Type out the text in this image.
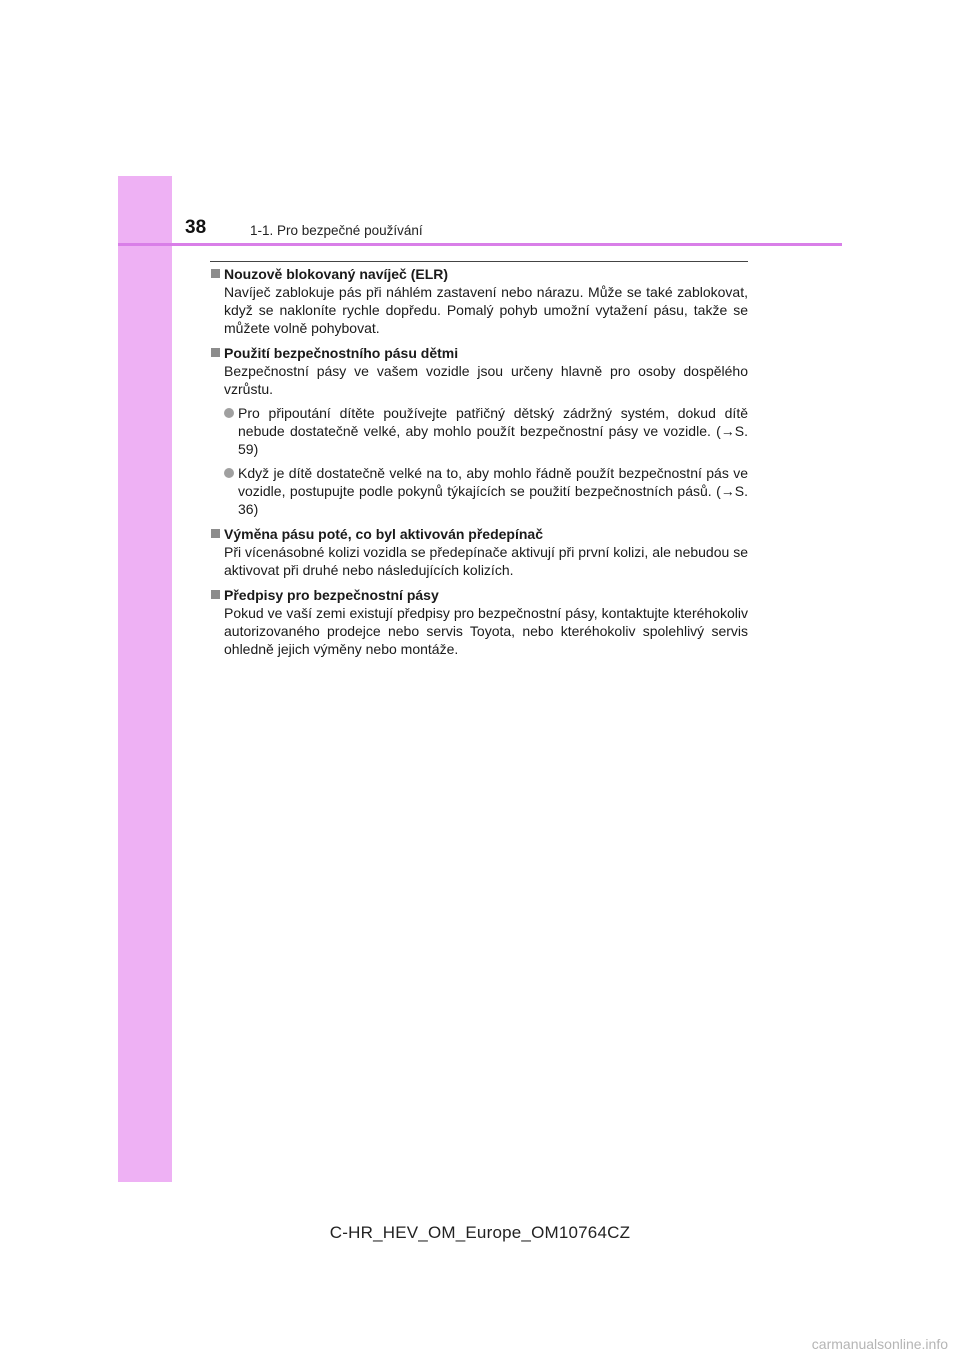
38	1-1. Pro bezpečné používání
Nouzově blokovaný navíječ (ELR)
Navíječ zablokuje pás při náhlém zastavení nebo nárazu. Může se také zablokovat, když se nakloníte rychle dopředu. Pomalý pohyb umožní vytažení pásu, takže se můžete volně pohybovat.
Použití bezpečnostního pásu dětmi
Bezpečnostní pásy ve vašem vozidle jsou určeny hlavně pro osoby dospělého vzrůstu.
Pro připoutání dítěte používejte patřičný dětský zádržný systém, dokud dítě nebude dostatečně velké, aby mohlo použít bezpečnostní pásy ve vozidle. (→S. 59)
Když je dítě dostatečně velké na to, aby mohlo řádně použít bezpečnostní pás ve vozidle, postupujte podle pokynů týkajících se použití bezpečnostních pásů. (→S. 36)
Výměna pásu poté, co byl aktivován předepínač
Při vícenásobné kolizi vozidla se předepínače aktivují při první kolizi, ale nebudou se aktivovat při druhé nebo následujících kolizích.
Předpisy pro bezpečnostní pásy
Pokud ve vaší zemi existují předpisy pro bezpečnostní pásy, kontaktujte kteréhokoliv autorizovaného prodejce nebo servis Toyota, nebo kteréhokoliv spolehlivý servis ohledně jejich výměny nebo montáže.
C-HR_HEV_OM_Europe_OM10764CZ
carmanualsonline.info
